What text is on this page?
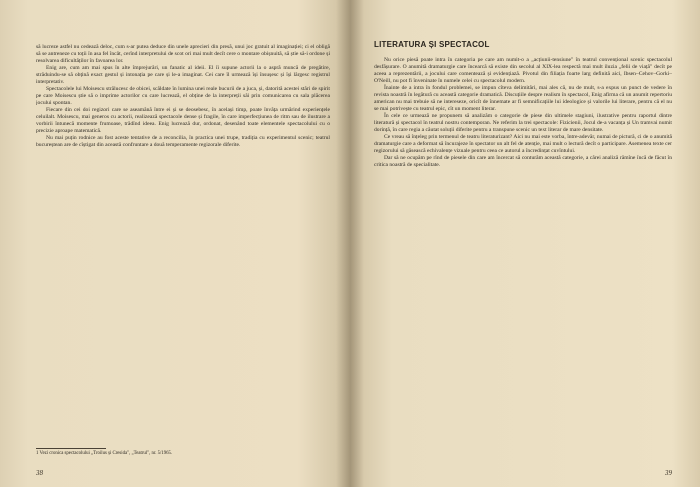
să lucreze astfel nu cedează deloc, cum s-ar putea deduce din unele aprecieri din presă, unui joc gratuit al imaginației; ci el obligă să se antreneze cu toții în asa fel încât, cerînd interpretului de scot ori mai mult decît cere o montare obișnuită, să știe să-i ordone și resolvarea dificultăților în favoarea lor.

Enig are, cum am mai spus în alte împrejurări, un fanatic al ideii. El îi supune actorii la o aspră muncă de pregătire, străduindu-se să obțină exact gestul și intonația pe care și le-a imaginat. Cei care îl urmează își însușesc și își lărgesc registrul interpretativ.

Spectacolele lui Moisescu strălucesc de obicei, scăldate în lumina unei reale bucurii de a juca, și, datorită acestei stări de spirit pe care Moisescu știe să o imprime actorilor cu care lucrează, el obține de la interpreții săi prin comunicarea cu sala plăcerea jocului spontan.

Fiecare din cei doi regizori care se aseamănă între ei și se deosebesc, în același timp, poate învăța urmărind experiențele celuilalt. Moisescu, mai generos cu actorii, realizează spectacole dense și fragile, în care imperfecțiunea de ritm sau de ilustrare a vorbirii întunecă momente frumoase, trădînd ideea. Enig lucrează dur, ordonat, desenând toate elementele spectacolului cu o precizie aproape matematică.

Nu mai puțin rodnice au fost aceste tentative de a reconcilia, în practica unei trupe, tradiția cu experimentul scenic; teatrul bucureștean are de cîștigat din această confruntare a două temperamente regizorale diferite.

1 Vezi cronica spectacolului „Troilus și Cresida", „Teatrul", nr. 5/1965.
38
LITERATURA ȘI SPECTACOL

Nu orice piesă poate intra în categoria pe care am numit-o a „acțiunii-tensiune" în teatrul convențional scenic spectacolul desfășurare. O anumită dramaturgie care încearcă să existe din secolul al XIX-lea respectă mai mult iluzia „felii de viață" decît pe aceea a reprezentării, a jocului care comentează și evidențiază. Pivotul din filiația foarte larg definită aici, Ibsen–Cehov–Gorki–O'Neill, nu pot fi înveninate în numele celei cu spectacolul modern.

Înainte de a intra în fondul problemei, se impun cîteva delimitări, mai ales că, nu de mult, s-a expus un punct de vedere în revista noastră în legătură cu această categorie dramatică. Discuțiile despre realism în spectacol, Enig afirma că un anumit repertoriu american nu mai trebuie să ne intereseze, oricît de înnemate ar fi semnificațiile lui ideologice și valorile lui literare, pentru că el nu se mai potrivește cu teatrul epic, cît un moment literar.

În cele ce urmează ne propunem să analizăm o categorie de piese din ultimele stagiuni, ilustrative pentru raportul dintre literatură și spectacol în teatrul nostru contemporan. Ne referim la trei spectacole: Fizicienii, Jocul de-a vacanța și Un tramvai numit dorință, în care regia a căutat soluții diferite pentru a transpune scenic un text literar de mare densitate.

Ce vreau să înțeleg prin termenul de teatru literaturizant? Aici nu mai este vorba, între-adevăr, numai de pictură, ci de o anumită dramaturgie care a deformat să încurajeze în spectator un alt fel de atenție, mai mult o lectură decît o participare. Asemenea texte cer regizorului să găsească echivalențe vizuale pentru ceea ce autorul a încredințat cuvîntului.

Dar să ne ocupăm pe rînd de piesele din care am încercat să conturăm această categorie, a cărei analiză rămîne încă de făcut în critica noastră de specialitate.

39
